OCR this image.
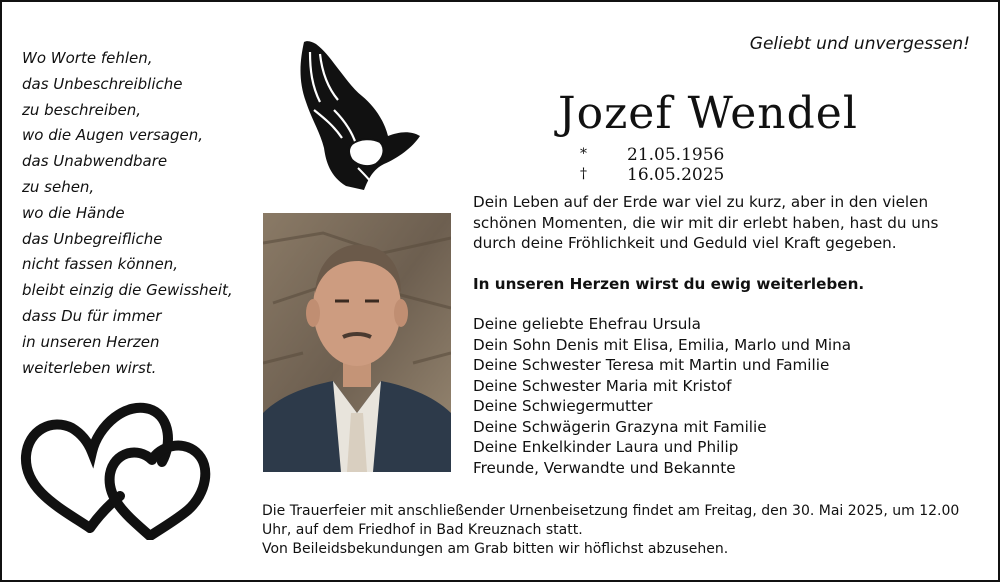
Wo Worte fehlen,
das Unbeschreibliche
zu beschreiben,
wo die Augen versagen,
das Unabwendbare
zu sehen,
wo die Hände
das Unbegreifliche
nicht fassen können,
bleibt einzig die Gewissheit,
dass Du für immer
in unseren Herzen
weiterleben wirst.
Geliebt und unvergessen!
Jozef Wendel
* 21.05.1956 † 16.05.2025
Dein Leben auf der Erde war viel zu kurz, aber in den vielen schönen Momenten, die wir mit dir erlebt haben, hast du uns durch deine Fröhlichkeit und Geduld viel Kraft gegeben.
In unseren Herzen wirst du ewig weiterleben.
Deine geliebte Ehefrau Ursula
Dein Sohn Denis mit Elisa, Emilia, Marlo und Mina
Deine Schwester Teresa mit Martin und Familie
Deine Schwester Maria mit Kristof
Deine Schwiegermutter
Deine Schwägerin Grazyna mit Familie
Deine Enkelkinder Laura und Philip
Freunde, Verwandte und Bekannte
Die Trauerfeier mit anschließender Urnenbeisetzung findet am Freitag, den 30. Mai 2025, um 12.00 Uhr, auf dem Friedhof in Bad Kreuznach statt.
Von Beileidsbekundungen am Grab bitten wir höflichst abzusehen.
